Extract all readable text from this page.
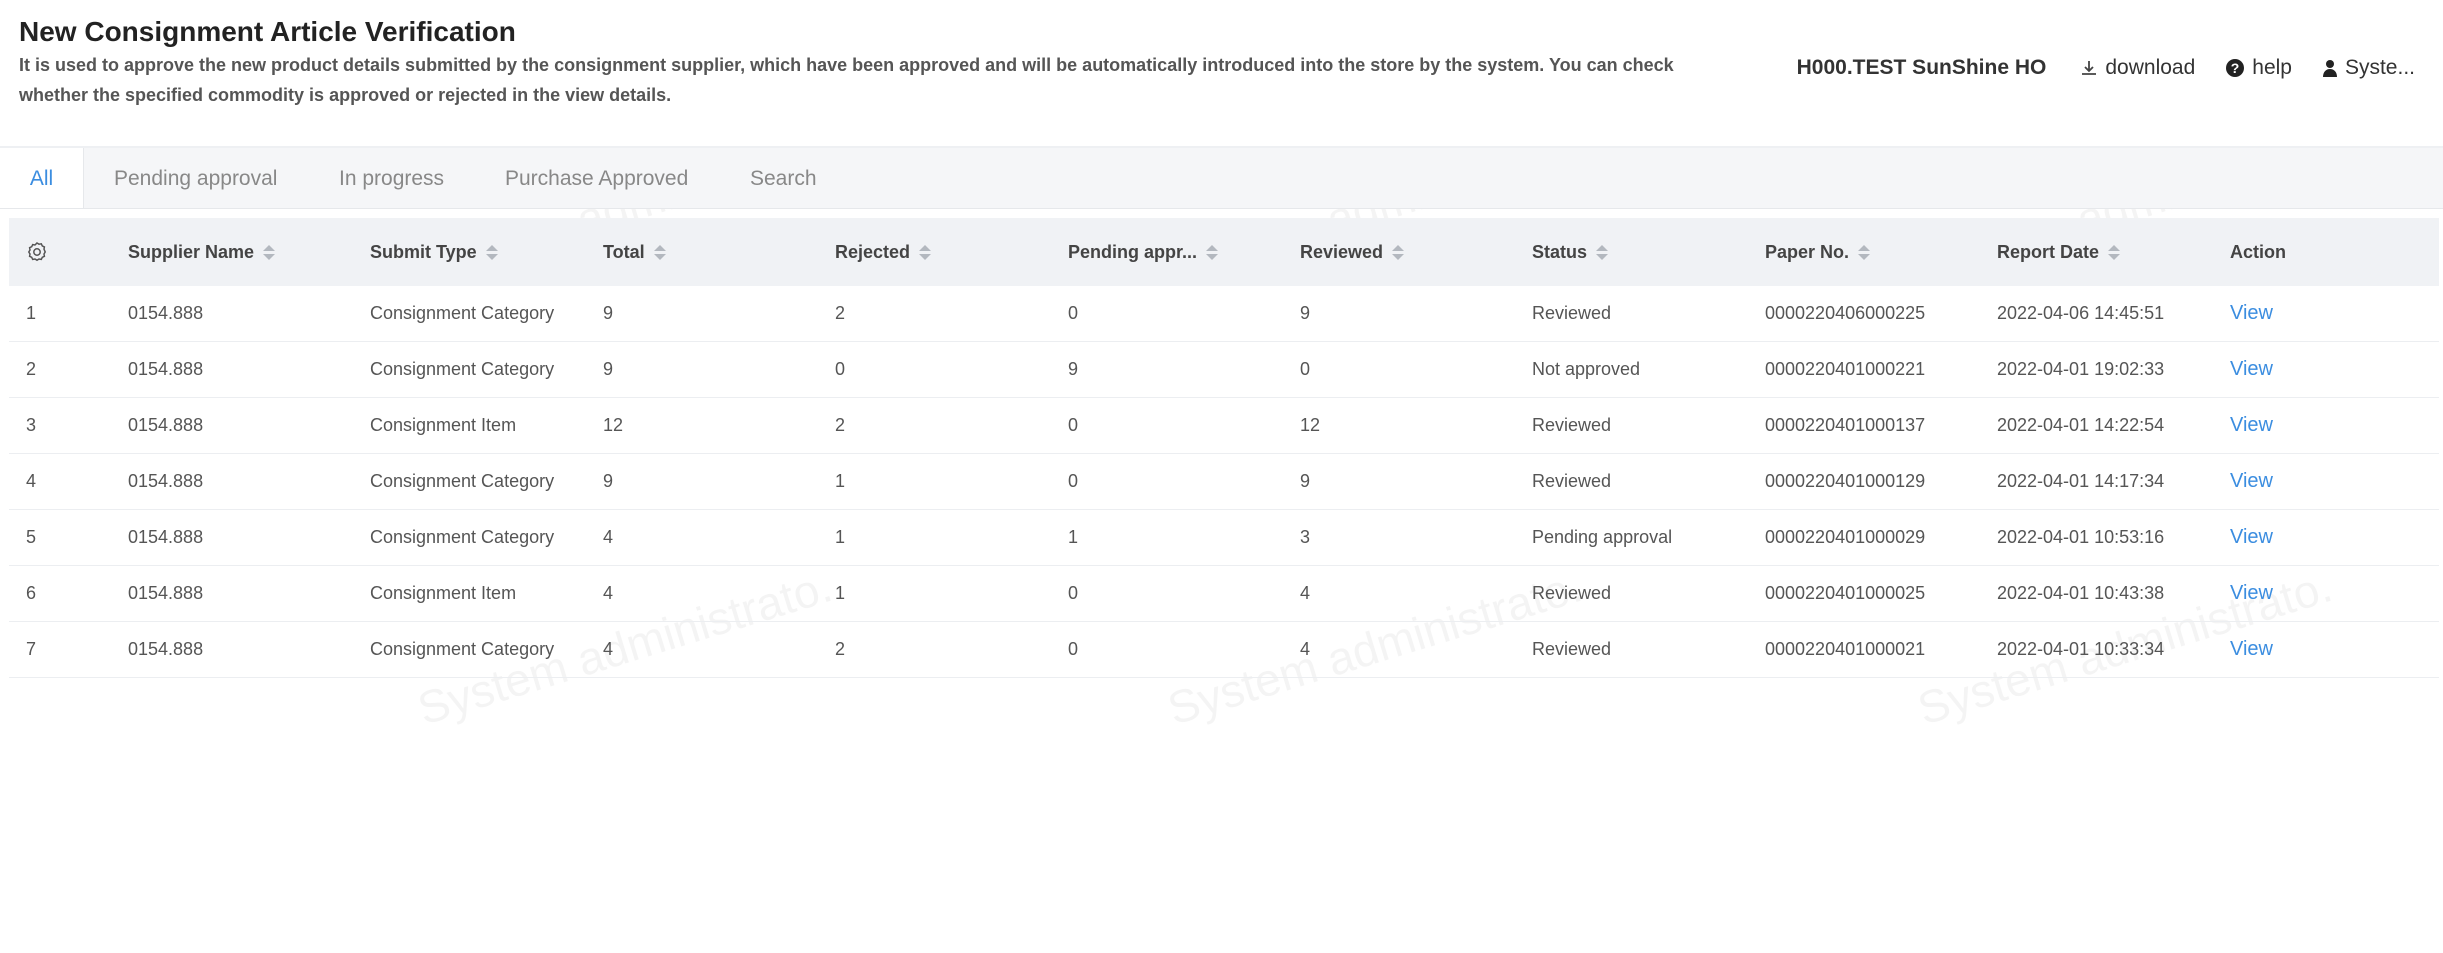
New Consignment Article Verification
It is used to approve the new product details submitted by the consignment supplier, which have been approved and will be automatically introduced into the store by the system. You can check whether the specified commodity is approved or rejected in the view details.
H000.TEST SunShine HO	download	? help	Syste...
All	Pending approval	In progress	Purchase Approved	Search
Supplier Name	Submit Type	Total	Rejected	Pending appr...	Reviewed	Status	Paper No.	Report Date	Action
1	0154.888	Consignment Category	9	2	0	9	Reviewed	0000220406000225	2022-04-06 14:45:51	View
2	0154.888	Consignment Category	9	0	9	0	Not approved	0000220401000221	2022-04-01 19:02:33	View
3	0154.888	Consignment Item	12	2	0	12	Reviewed	0000220401000137	2022-04-01 14:22:54	View
4	0154.888	Consignment Category	9	1	0	9	Reviewed	0000220401000129	2022-04-01 14:17:34	View
5	0154.888	Consignment Category	4	1	1	3	Pending approval	0000220401000029	2022-04-01 10:53:16	View
6	0154.888	Consignment Item	4	1	0	4	Reviewed	0000220401000025	2022-04-01 10:43:38	View
7	0154.888	Consignment Category	4	2	0	4	Reviewed	0000220401000021	2022-04-01 10:33:34	View
